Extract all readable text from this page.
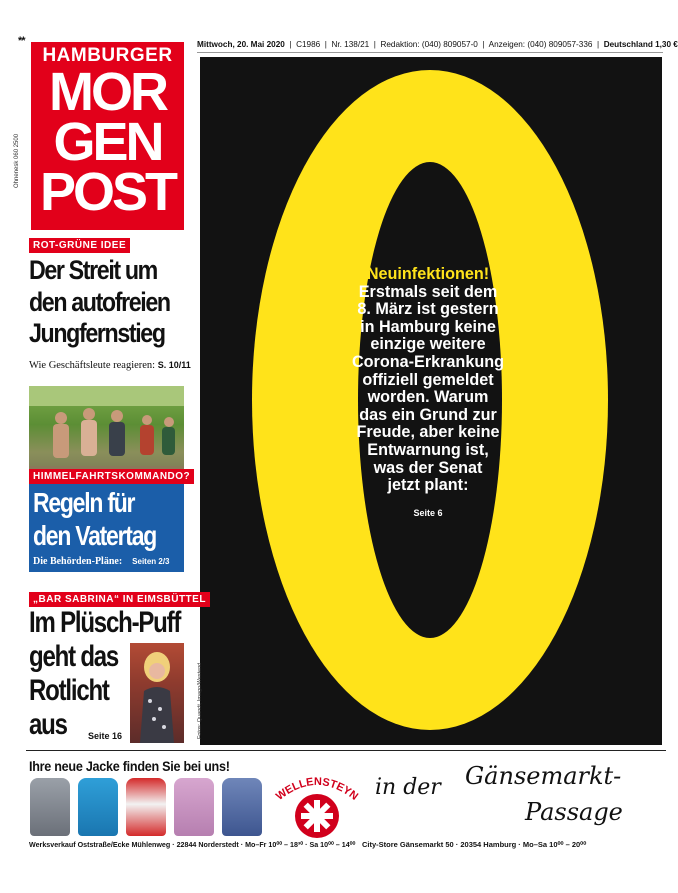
**
HAMBURGER
MOR
GEN
POST
Ohnenesk 060 2500
Mittwoch, 20. Mai 2020  |  C1986  |  Nr. 138/21  |  Redaktion: (040) 809057-0  |  Anzeigen: (040) 809057-336  |  Deutschland 1,30 €
Neuinfektionen!
Erstmals seit dem
8. März ist gestern
in Hamburg keine
einzige weitere
Corona-Erkrankung
offiziell gemeldet
worden. Warum
das ein Grund zur
Freude, aber keine
Entwarnung ist,
was der Senat
jetzt plant:
Seite 6
ROT-GRÜNE IDEE
Der Streit um
den autofreien
Jungfernstieg
Wie Geschäftsleute reagieren: S. 10/11
HIMMELFAHRTSKOMMANDO?
Regeln für
den Vatertag
Die Behörden-Pläne: Seiten 2/3
„BAR SABRINA“ IN EIMSBÜTTEL
Im Plüsch-Puff
geht das
Rotlicht
aus	Seite 16	Fotos: Quandt, Imago/Westend
Ihre neue Jacke finden Sie bei uns!
WELLENSTEYN in der Gänsemarkt-
Passage
Werksverkauf Oststraße/Ecke Mühlenweg · 22844 Norderstedt · Mo–Fr 10⁰⁰ – 18³⁰ · Sa 10⁰⁰ – 14⁰⁰ City-Store Gänsemarkt 50 · 20354 Hamburg · Mo–Sa 10⁰⁰ – 20⁰⁰
